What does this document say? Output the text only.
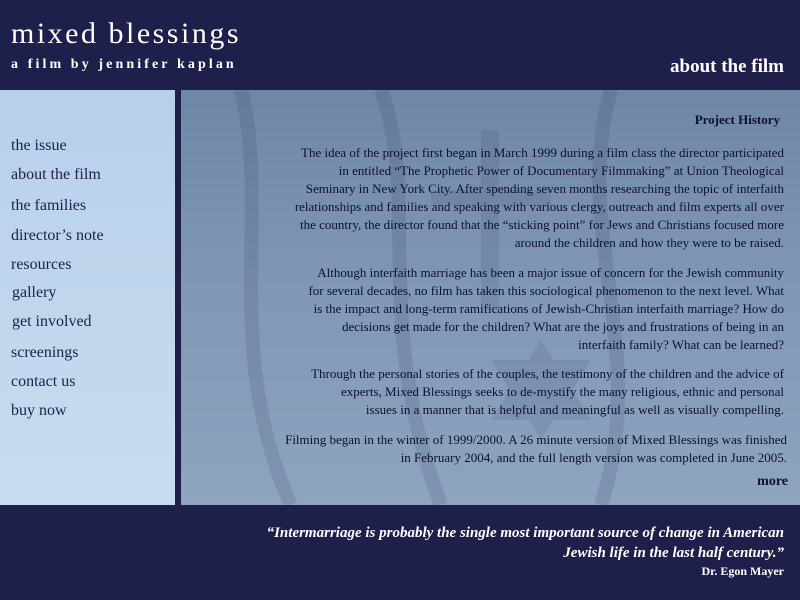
mixed blessings
a film by jennifer kaplan	about the film
the issue
about the film
the families
director’s note
resources
gallery
get involved
screenings
contact us
buy now
Project History
The idea of the project first began in March 1999 during a film class the director participated
in entitled “The Prophetic Power of Documentary Filmmaking” at Union Theological
Seminary in New York City. After spending seven months researching the topic of interfaith
relationships and families and speaking with various clergy, outreach and film experts all over
the country, the director found that the “sticking point” for Jews and Christians focused more
around the children and how they were to be raised.
Although interfaith marriage has been a major issue of concern for the Jewish community
for several decades, no film has taken this sociological phenomenon to the next level. What
is the impact and long-term ramifications of Jewish-Christian interfaith marriage? How do
decisions get made for the children? What are the joys and frustrations of being in an
interfaith family? What can be learned?
Through the personal stories of the couples, the testimony of the children and the advice of
experts, Mixed Blessings seeks to de-mystify the many religious, ethnic and personal
issues in a manner that is helpful and meaningful as well as visually compelling.
Filming began in the winter of 1999/2000. A 26 minute version of Mixed Blessings was finished
in February 2004, and the full length version was completed in June 2005.
more
“Intermarriage is probably the single most important source of change in American
Jewish life in the last half century.”
Dr. Egon Mayer
